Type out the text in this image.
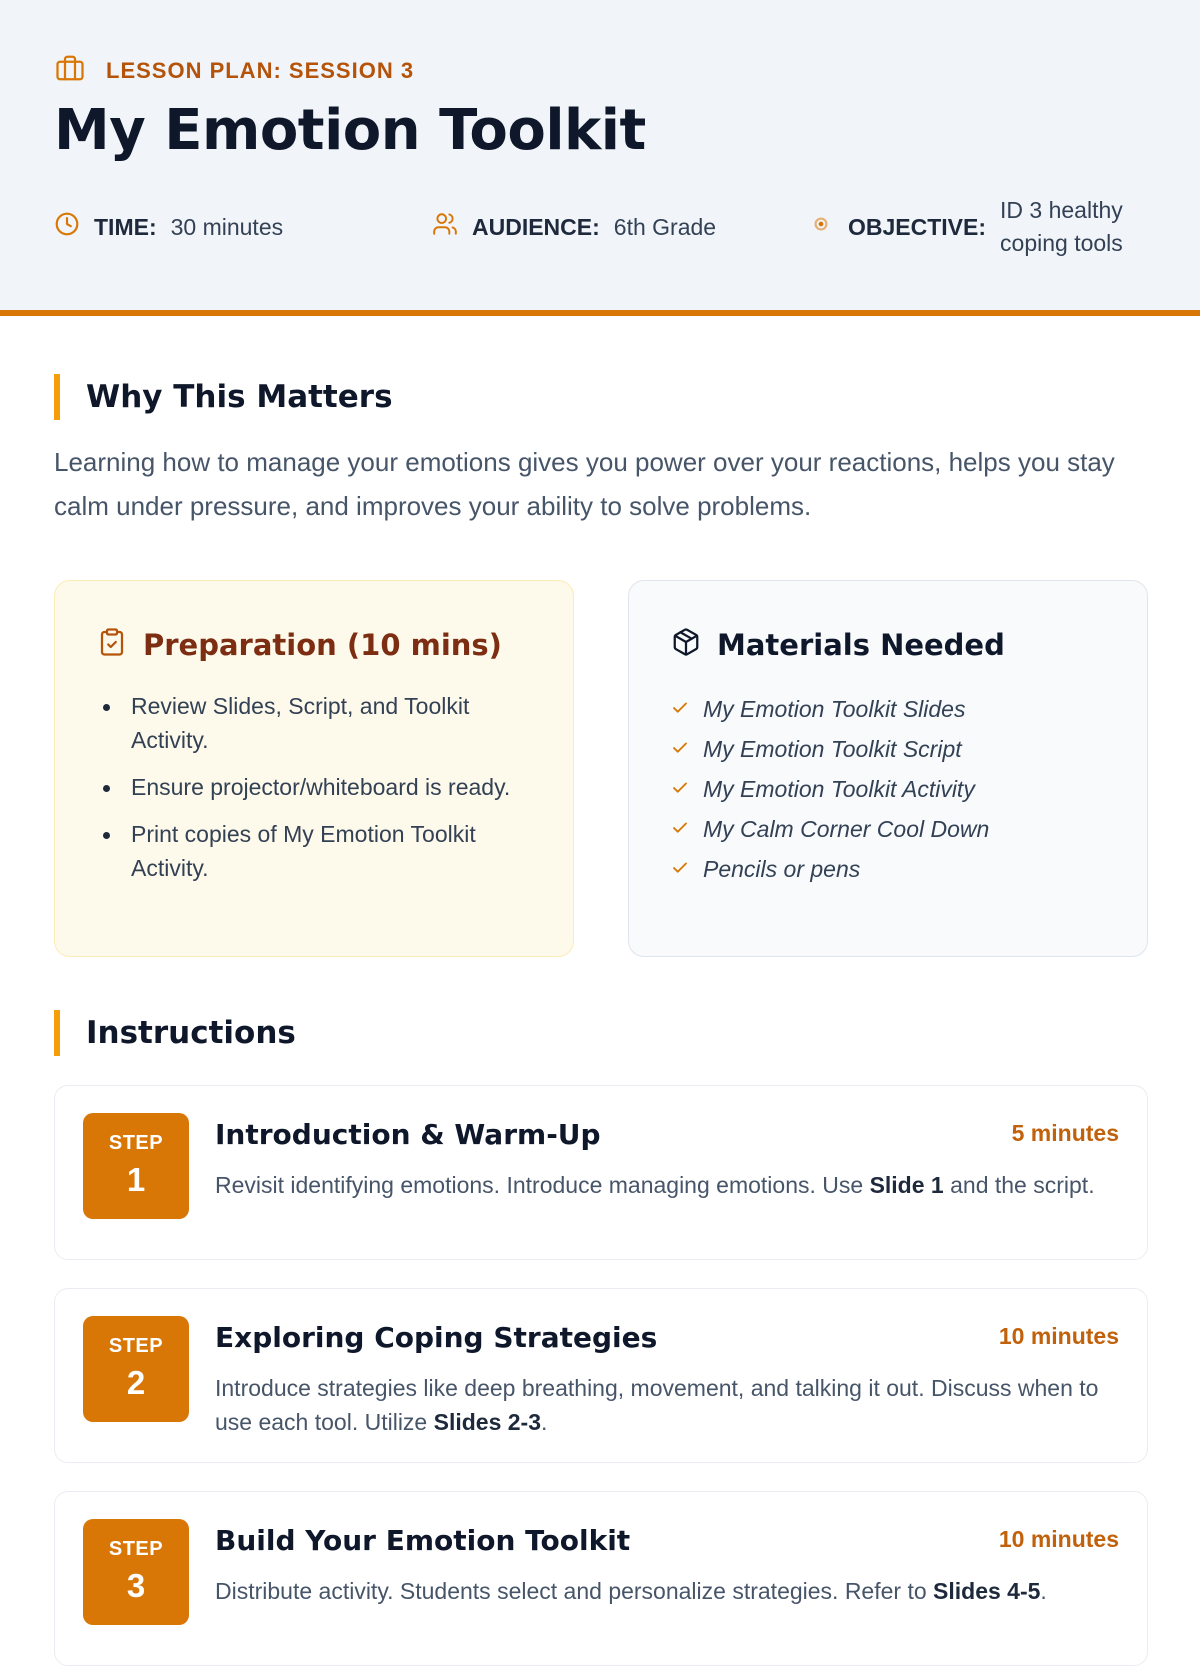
LESSON PLAN: SESSION 3
My Emotion Toolkit
TIME: 30 minutes	AUDIENCE: 6th Grade	OBJECTIVE:
ID 3 healthy coping tools
Why This Matters

Learning how to manage your emotions gives you power over your reactions, helps you stay calm under pressure, and improves your ability to solve problems.

Preparation (10 mins)
Review Slides, Script, and Toolkit Activity.
Ensure projector/whiteboard is ready.
Print copies of My Emotion Toolkit Activity.
Materials Needed
My Emotion Toolkit Slides
My Emotion Toolkit Script
My Emotion Toolkit Activity
My Calm Corner Cool Down
Pencils or pens
Instructions
STEP
1
Introduction & Warm-Up	5 minutes

Revisit identifying emotions. Introduce managing emotions. Use Slide 1 and the script.

STEP
2
Exploring Coping Strategies	10 minutes

Introduce strategies like deep breathing, movement, and talking it out. Discuss when to use each tool. Utilize Slides 2-3.

STEP
3
Build Your Emotion Toolkit	10 minutes

Distribute activity. Students select and personalize strategies. Refer to Slides 4-5.
